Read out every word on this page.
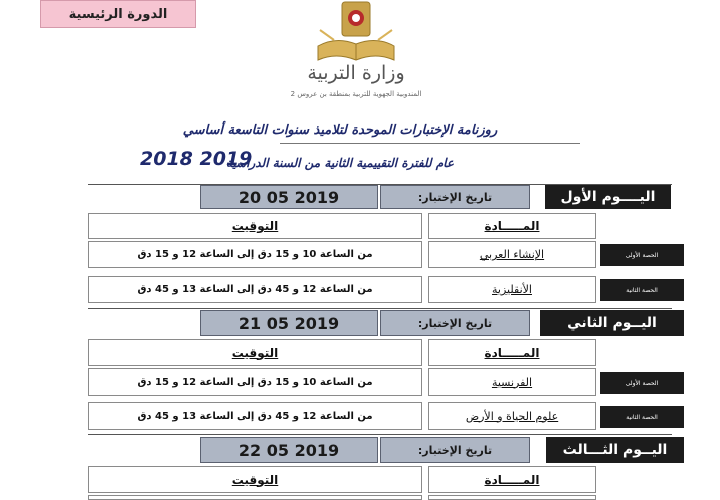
الدورة الرئيسية
وزارة التربية
المندوبية الجهوية للتربية بمنطقة بن عروس 2
روزنامة الإختبارات الموحدة لتلاميذ سنوات التاسعة أساسي
عام للفترة التقييمية الثانية من السنة الدراسية
2018 2019
اليــــوم الأول
تاريخ الإختبار:
20 05 2019
المـــــادة
التوقيت
الحصة الأولى
الإنشاء العربي
من الساعة 10 و 15 دق إلى الساعة 12 و 15 دق
الحصة الثانية
الأنقليزية
من الساعة 12 و 45 دق إلى الساعة 13 و 45 دق
اليــوم الثاني
تاريخ الإختبار:
21 05 2019
المـــــادة
التوقيت
الحصة الأولى
الفرنسية
من الساعة 10 و 15 دق إلى الساعة 12 و 15 دق
الحصة الثانية
علوم الحياة و الأرض
من الساعة 12 و 45 دق إلى الساعة 13 و 45 دق
اليــوم الثـــالث
تاريخ الإختبار:
22 05 2019
المـــــادة
التوقيت
